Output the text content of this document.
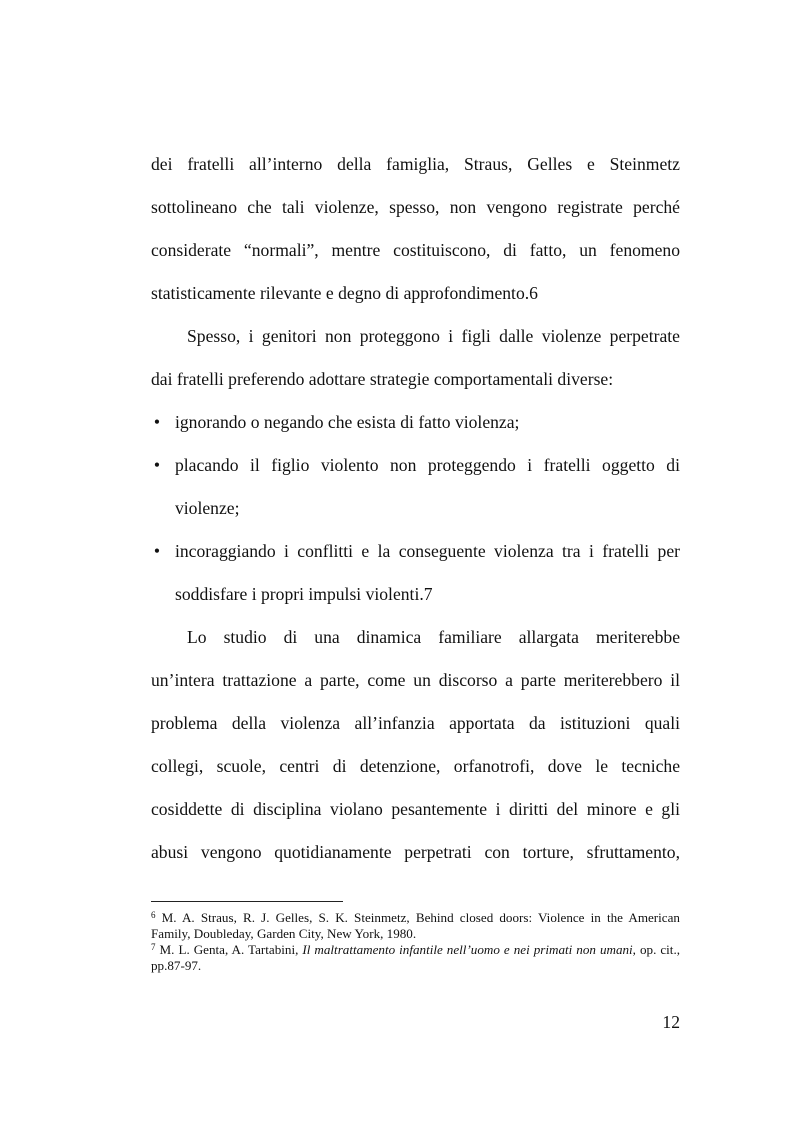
dei fratelli all’interno della famiglia, Straus, Gelles e Steinmetz
sottolineano che tali violenze, spesso, non vengono registrate perché
considerate “normali”, mentre costituiscono, di fatto, un fenomeno
statisticamente rilevante e degno di approfondimento.6
Spesso, i genitori non proteggono i figli dalle violenze perpetrate
dai fratelli preferendo adottare strategie comportamentali diverse:
• ignorando o negando che esista di fatto violenza;
• placando il figlio violento non proteggendo i fratelli oggetto di
violenze;
• incoraggiando i conflitti e la conseguente violenza tra i fratelli per
soddisfare i propri impulsi violenti.7
Lo studio di una dinamica familiare allargata meriterebbe
un’intera trattazione a parte, come un discorso a parte meriterebbero il
problema della violenza all’infanzia apportata da istituzioni quali
collegi, scuole, centri di detenzione, orfanotrofi, dove le tecniche
cosiddette di disciplina violano pesantemente i diritti del minore e gli
abusi vengono quotidianamente perpetrati con torture, sfruttamento,
$^6$ M. A. Straus, R. J. Gelles, S. K. Steinmetz, Behind closed doors: Violence in the American
Family, Doubleday, Garden City, New York, 1980.
$^7$ M. L. Genta, A. Tartabini, Il maltrattamento infantile nell’uomo e nei primati non umani, op. cit.,
pp.87-97.
12
